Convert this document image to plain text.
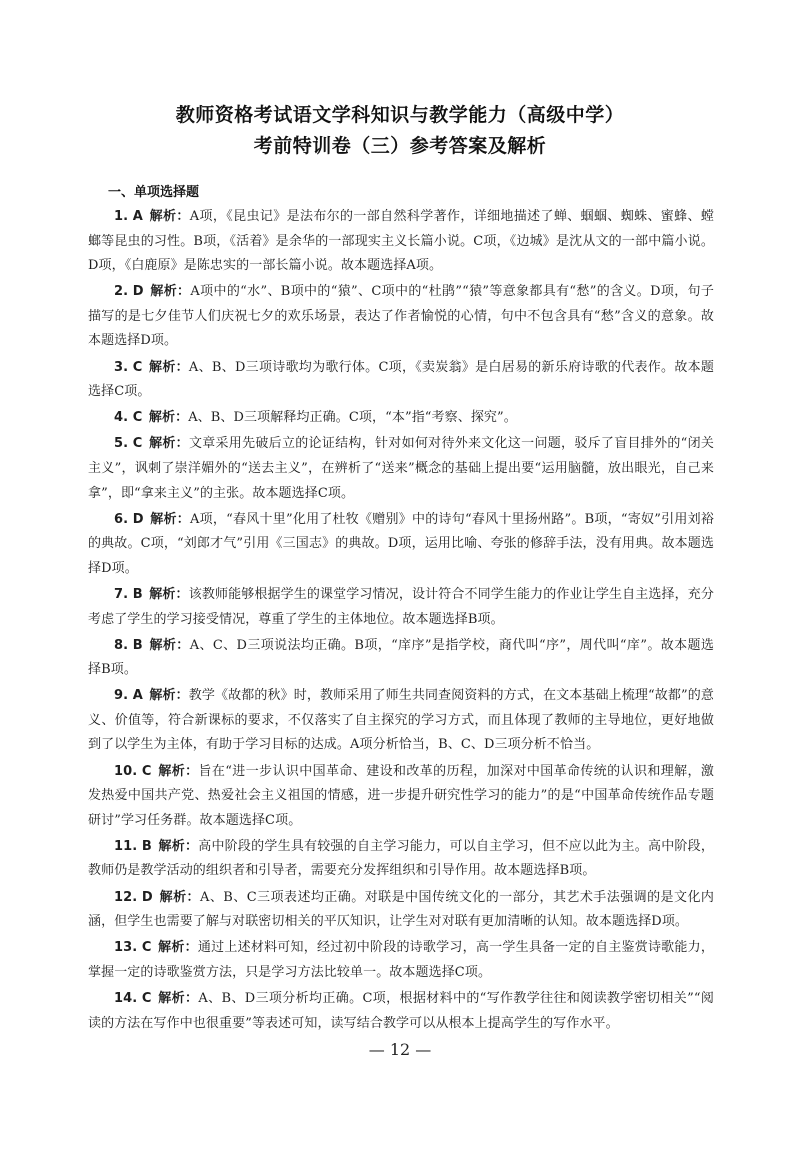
教师资格考试语文学科知识与教学能力（高级中学）
考前特训卷（三）参考答案及解析
一、单项选择题

1. A 解析：A项，《昆虫记》是法布尔的一部自然科学著作，详细地描述了蝉、蝈蝈、蜘蛛、蜜蜂、螳螂等昆虫的习性。B项，《活着》是余华的一部现实主义长篇小说。C项，《边城》是沈从文的一部中篇小说。D项，《白鹿原》是陈忠实的一部长篇小说。故本题选择A项。

2. D 解析：A项中的“水”、B项中的“猿”、C项中的“杜鹃”“猿”等意象都具有“愁”的含义。D项，句子描写的是七夕佳节人们庆祝七夕的欢乐场景，表达了作者愉悦的心情，句中不包含具有“愁”含义的意象。故本题选择D项。

3. C 解析：A、B、D三项诗歌均为歌行体。C项，《卖炭翁》是白居易的新乐府诗歌的代表作。故本题选择C项。

4. C 解析：A、B、D三项解释均正确。C项，“本”指“考察、探究”。

5. C 解析：文章采用先破后立的论证结构，针对如何对待外来文化这一问题，驳斥了盲目排外的“闭关主义”，讽刺了崇洋媚外的“送去主义”，在辨析了“送来”概念的基础上提出要“运用脑髓，放出眼光，自己来拿”，即“拿来主义”的主张。故本题选择C项。

6. D 解析：A项，“春风十里”化用了杜牧《赠别》中的诗句“春风十里扬州路”。B项，“寄奴”引用刘裕的典故。C项，“刘郎才气”引用《三国志》的典故。D项，运用比喻、夸张的修辞手法，没有用典。故本题选择D项。

7. B 解析：该教师能够根据学生的课堂学习情况，设计符合不同学生能力的作业让学生自主选择，充分考虑了学生的学习接受情况，尊重了学生的主体地位。故本题选择B项。

8. B 解析：A、C、D三项说法均正确。B项，“庠序”是指学校，商代叫“序”，周代叫“庠”。故本题选择B项。

9. A 解析：教学《故都的秋》时，教师采用了师生共同查阅资料的方式，在文本基础上梳理“故都”的意义、价值等，符合新课标的要求，不仅落实了自主探究的学习方式，而且体现了教师的主导地位，更好地做到了以学生为主体，有助于学习目标的达成。A项分析恰当，B、C、D三项分析不恰当。

10. C 解析：旨在“进一步认识中国革命、建设和改革的历程，加深对中国革命传统的认识和理解，激发热爱中国共产党、热爱社会主义祖国的情感，进一步提升研究性学习的能力”的是“中国革命传统作品专题研讨”学习任务群。故本题选择C项。

11. B 解析：高中阶段的学生具有较强的自主学习能力，可以自主学习，但不应以此为主。高中阶段，教师仍是教学活动的组织者和引导者，需要充分发挥组织和引导作用。故本题选择B项。

12. D 解析：A、B、C三项表述均正确。对联是中国传统文化的一部分，其艺术手法强调的是文化内涵，但学生也需要了解与对联密切相关的平仄知识，让学生对对联有更加清晰的认知。故本题选择D项。

13. C 解析：通过上述材料可知，经过初中阶段的诗歌学习，高一学生具备一定的自主鉴赏诗歌能力，掌握一定的诗歌鉴赏方法，只是学习方法比较单一。故本题选择C项。

14. C 解析：A、B、D三项分析均正确。C项，根据材料中的“写作教学往往和阅读教学密切相关”“阅读的方法在写作中也很重要”等表述可知，读写结合教学可以从根本上提高学生的写作水平。

— 12 —
